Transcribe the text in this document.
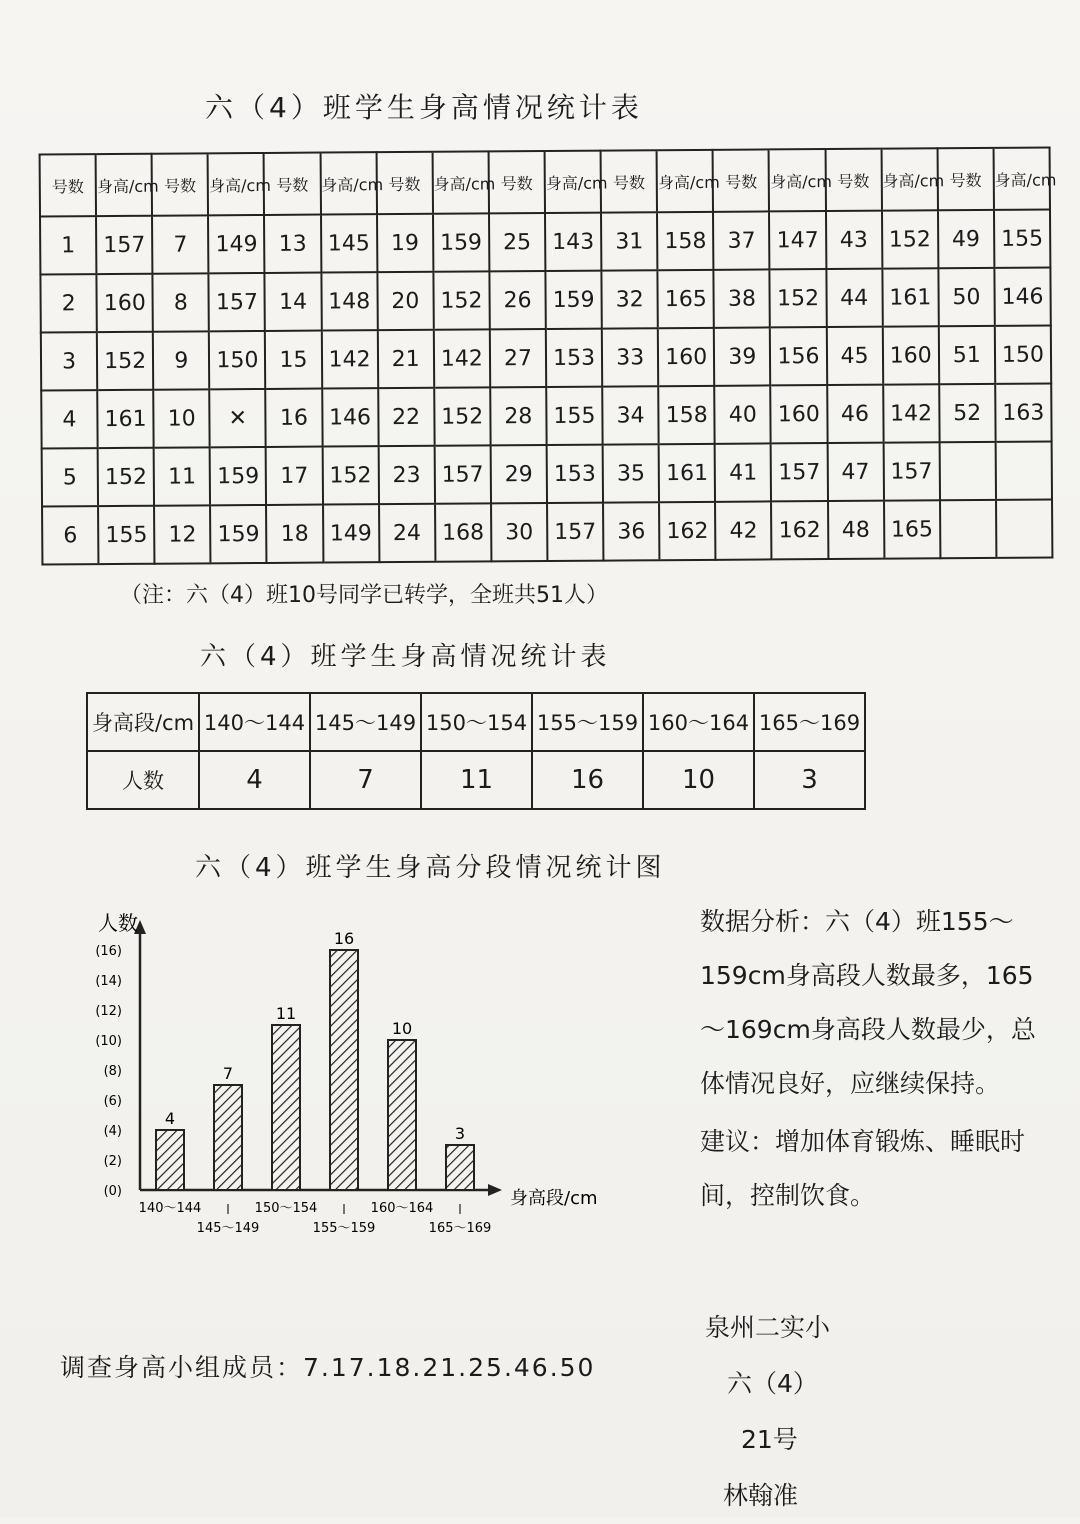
六（4）班学生身高情况统计表
号数	身高/cm	号数	身高/cm	号数	身高/cm	号数	身高/cm	号数	身高/cm	号数	身高/cm	号数	身高/cm	号数	身高/cm	号数	身高/cm
1	157	7	149	13	145	19	159	25	143	31	158	37	147	43	152	49	155
2	160	8	157	14	148	20	152	26	159	32	165	38	152	44	161	50	146
3	152	9	150	15	142	21	142	27	153	33	160	39	156	45	160	51	150
4	161	10	✕	16	146	22	152	28	155	34	158	40	160	46	142	52	163
5	152	11	159	17	152	23	157	29	153	35	161	41	157	47	157		
6	155	12	159	18	149	24	168	30	157	36	162	42	162	48	165		
（注：六（4）班10号同学已转学，全班共51人）
六（4）班学生身高情况统计表
身高段/cm	140～144	145～149	150～154	155～159	160～164	165～169
人数	4	7	11	16	10	3
六（4）班学生身高分段情况统计图
人数
身高段/cm
(0)
(2)
(4)
(6)
(8)
(10)
(12)
(14)
(16)
4
140～144
7
145～149
11
150～154
16
155～159
10
160～164
3
165～169

数据分析：六（4）班155～159cm身高段人数最多，165～169cm身高段人数最少，总体情况良好，应继续保持。

建议：增加体育锻炼、睡眠时间，控制饮食。

调查身高小组成员：7.17.18.21.25.46.50
泉州二实小
六（4）
21号
林翰准
